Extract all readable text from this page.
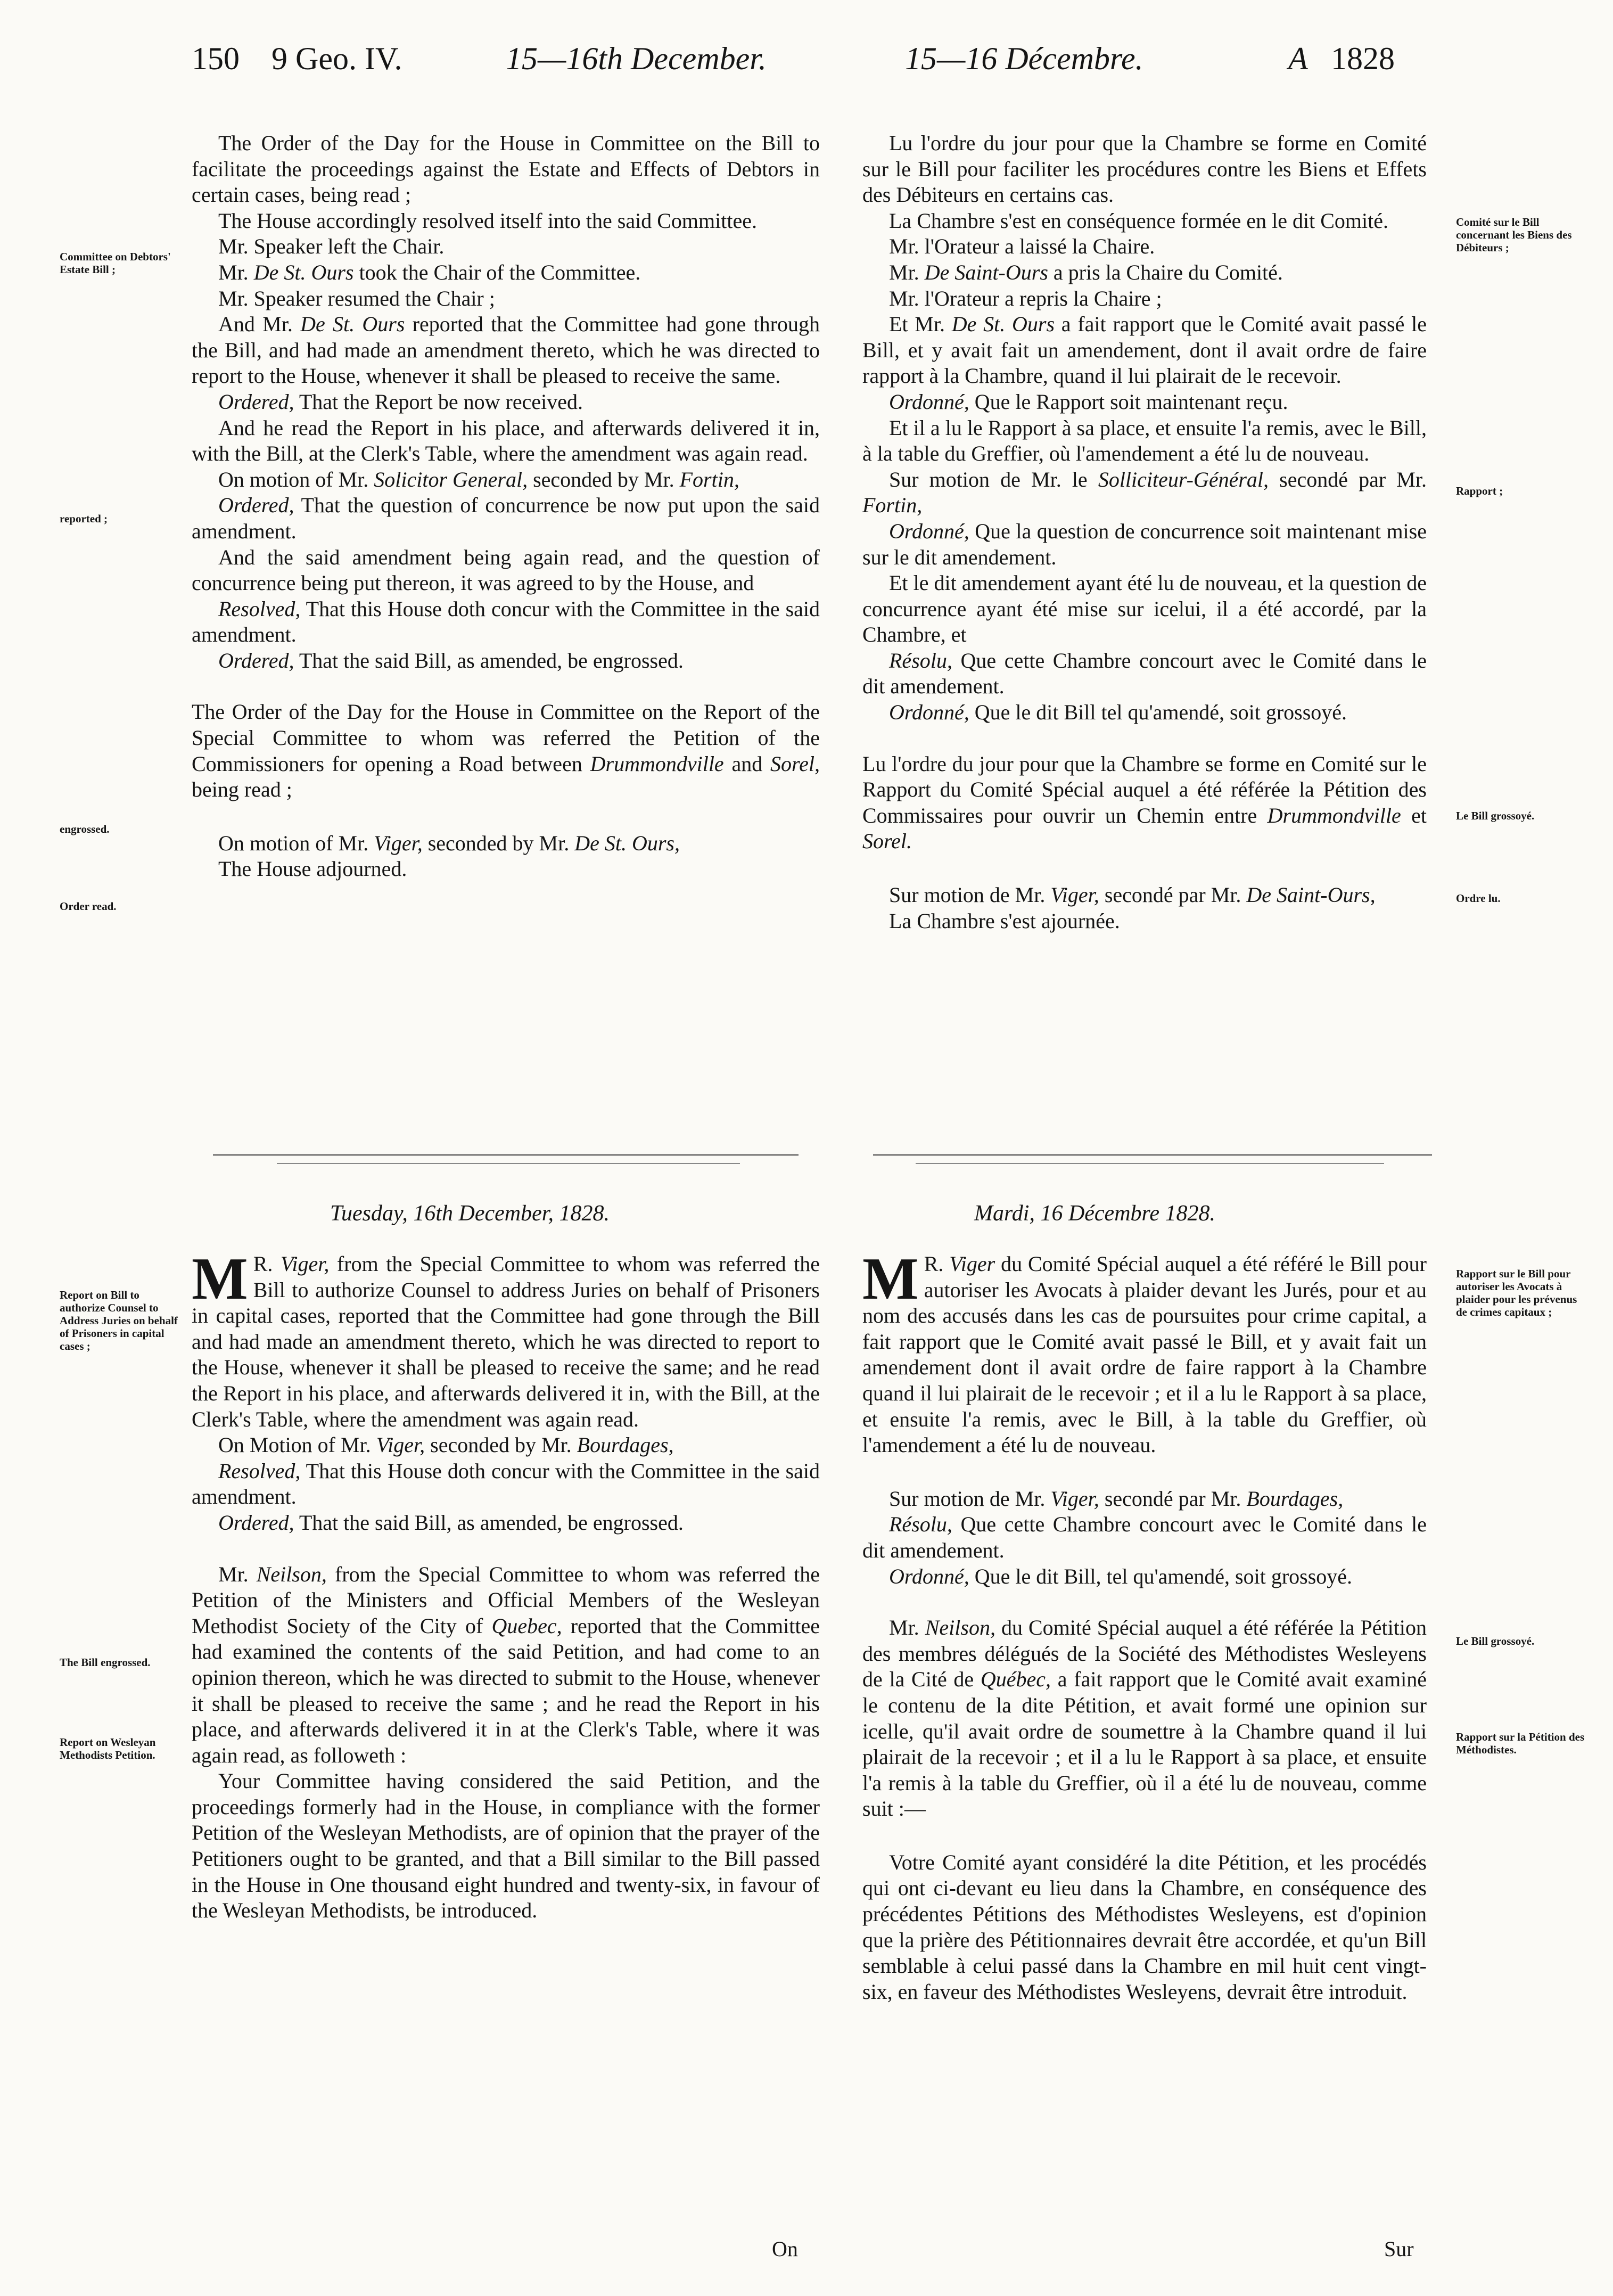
150 9 Geo. IV.	15—16th December.	15—16 Décembre.	A 1828

The Order of the Day for the House in Committee on the Bill to facilitate the proceedings against the Estate and Effects of Debtors in certain cases, being read ;

The House accordingly resolved itself into the said Committee.

Mr. Speaker left the Chair.

Mr. De St. Ours took the Chair of the Committee.

Mr. Speaker resumed the Chair ;

And Mr. De St. Ours reported that the Committee had gone through the Bill, and had made an amendment thereto, which he was directed to report to the House, whenever it shall be pleased to receive the same.

Ordered, That the Report be now received.

And he read the Report in his place, and afterwards delivered it in, with the Bill, at the Clerk's Table, where the amendment was again read.

On motion of Mr. Solicitor General, seconded by Mr. Fortin,

Ordered, That the question of concurrence be now put upon the said amendment.

And the said amendment being again read, and the question of concurrence being put thereon, it was agreed to by the House, and

Resolved, That this House doth concur with the Committee in the said amendment.

Ordered, That the said Bill, as amended, be engrossed.

The Order of the Day for the House in Committee on the Report of the Special Committee to whom was referred the Petition of the Commissioners for opening a Road between Drummondville and Sorel, being read ;

On motion of Mr. Viger, seconded by Mr. De St. Ours,

The House adjourned.

Lu l'ordre du jour pour que la Chambre se forme en Comité sur le Bill pour faciliter les procédures contre les Biens et Effets des Débiteurs en certains cas.

La Chambre s'est en conséquence formée en le dit Comité.

Mr. l'Orateur a laissé la Chaire.

Mr. De Saint-Ours a pris la Chaire du Comité.

Mr. l'Orateur a repris la Chaire ;

Et Mr. De St. Ours a fait rapport que le Comité avait passé le Bill, et y avait fait un amendement, dont il avait ordre de faire rapport à la Chambre, quand il lui plairait de le recevoir.

Ordonné, Que le Rapport soit maintenant reçu.

Et il a lu le Rapport à sa place, et ensuite l'a remis, avec le Bill, à la table du Greffier, où l'amendement a été lu de nouveau.

Sur motion de Mr. le Solliciteur-Général, secondé par Mr. Fortin,

Ordonné, Que la question de concurrence soit maintenant mise sur le dit amendement.

Et le dit amendement ayant été lu de nouveau, et la question de concurrence ayant été mise sur icelui, il a été accordé, par la Chambre, et

Résolu, Que cette Chambre concourt avec le Comité dans le dit amendement.

Ordonné, Que le dit Bill tel qu'amendé, soit grossoyé.

Lu l'ordre du jour pour que la Chambre se forme en Comité sur le Rapport du Comité Spécial auquel a été référée la Pétition des Commissaires pour ouvrir un Chemin entre Drummondville et Sorel.

Sur motion de Mr. Viger, secondé par Mr. De Saint-Ours,

La Chambre s'est ajournée.

Tuesday, 16th December, 1828.	Mardi, 16 Décembre 1828.

M R. Viger, from the Special Committee to whom was referred the Bill to authorize Counsel to address Juries on behalf of Prisoners in capital cases, reported that the Committee had gone through the Bill and had made an amendment thereto, which he was directed to report to the House, whenever it shall be pleased to receive the same; and he read the Report in his place, and afterwards delivered it in, with the Bill, at the Clerk's Table, where the amendment was again read.

On Motion of Mr. Viger, seconded by Mr. Bourdages,

Resolved, That this House doth concur with the Committee in the said amendment.

Ordered, That the said Bill, as amended, be engrossed.

Mr. Neilson, from the Special Committee to whom was referred the Petition of the Ministers and Official Members of the Wesleyan Methodist Society of the City of Quebec, reported that the Committee had examined the contents of the said Petition, and had come to an opinion thereon, which he was directed to submit to the House, whenever it shall be pleased to receive the same ; and he read the Report in his place, and afterwards delivered it in at the Clerk's Table, where it was again read, as followeth :

Your Committee having considered the said Petition, and the proceedings formerly had in the House, in compliance with the former Petition of the Wesleyan Methodists, are of opinion that the prayer of the Petitioners ought to be granted, and that a Bill similar to the Bill passed in the House in One thousand eight hundred and twenty-six, in favour of the Wesleyan Methodists, be introduced.

M R. Viger du Comité Spécial auquel a été référé le Bill pour autoriser les Avocats à plaider devant les Jurés, pour et au nom des accusés dans les cas de poursuites pour crime capital, a fait rapport que le Comité avait passé le Bill, et y avait fait un amendement dont il avait ordre de faire rapport à la Chambre quand il lui plairait de le recevoir ; et il a lu le Rapport à sa place, et ensuite l'a remis, avec le Bill, à la table du Greffier, où l'amendement a été lu de nouveau.

Sur motion de Mr. Viger, secondé par Mr. Bourdages,

Résolu, Que cette Chambre concourt avec le Comité dans le dit amendement.

Ordonné, Que le dit Bill, tel qu'amendé, soit grossoyé.

Mr. Neilson, du Comité Spécial auquel a été référée la Pétition des membres délégués de la Société des Méthodistes Wesleyens de la Cité de Québec, a fait rapport que le Comité avait examiné le contenu de la dite Pétition, et avait formé une opinion sur icelle, qu'il avait ordre de soumettre à la Chambre quand il lui plairait de la recevoir ; et il a lu le Rapport à sa place, et ensuite l'a remis à la table du Greffier, où il a été lu de nouveau, comme suit :—

Votre Comité ayant considéré la dite Pétition, et les procédés qui ont ci-devant eu lieu dans la Chambre, en conséquence des précédentes Pétitions des Méthodistes Wesleyens, est d'opinion que la prière des Pétitionnaires devrait être accordée, et qu'un Bill semblable à celui passé dans la Chambre en mil huit cent vingt-six, en faveur des Méthodistes Wesleyens, devrait être introduit.

Committee on Debtors' Estate Bill ;
reported ;
engrossed.
Order read.
Report on Bill to authorize Counsel to Address Juries on behalf of Prisoners in capital cases ;
The Bill engrossed.
Report on Wesleyan Methodists Petition.
Comité sur le Bill concernant les Biens des Débiteurs ;
Rapport ;
Le Bill grossoyé.
Ordre lu.
Rapport sur le Bill pour autoriser les Avocats à plaider pour les prévenus de crimes capitaux ;
Le Bill grossoyé.
Rapport sur la Pétition des Méthodistes.
On	Sur
